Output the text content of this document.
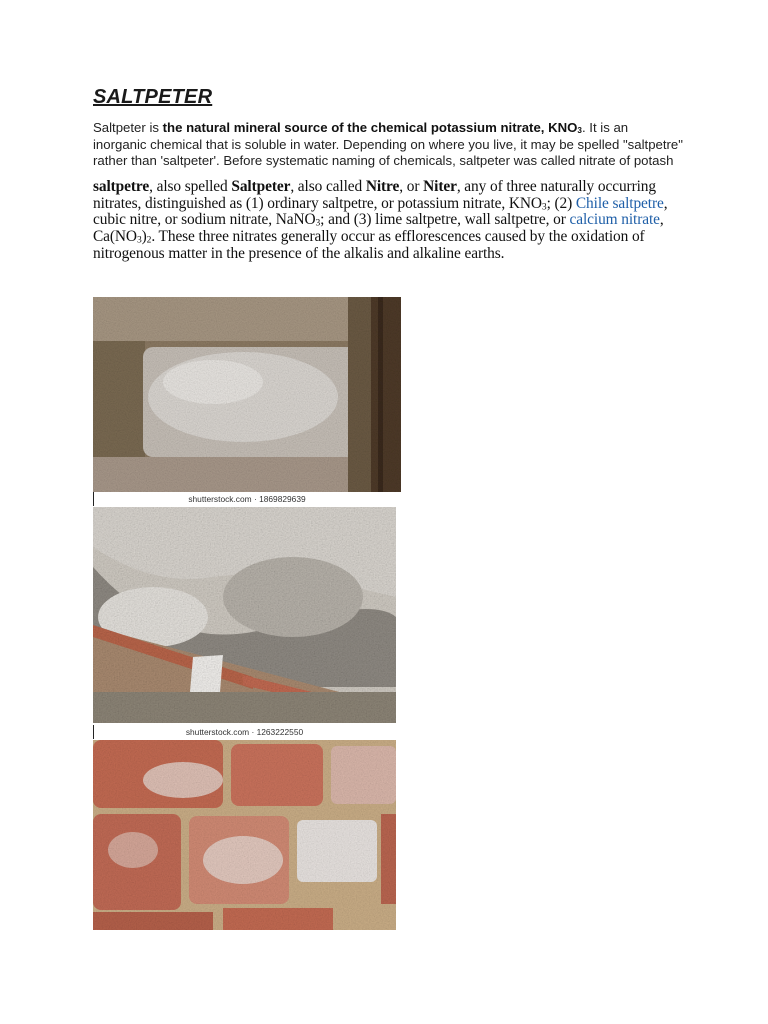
SALTPETER

Saltpeter is the natural mineral source of the chemical potassium nitrate, $KNO_3$. It is an inorganic chemical that is soluble in water. Depending on where you live, it may be spelled "saltpetre" rather than 'saltpeter'. Before systematic naming of chemicals, saltpeter was called nitrate of potash

saltpetre, also spelled Saltpeter, also called Nitre, or Niter, any of three naturally occurring nitrates, distinguished as (1) ordinary saltpetre, or potassium nitrate, $KNO_3$; (2) Chile saltpetre, cubic nitre, or sodium nitrate, NaNO$_3$; and (3) lime saltpetre, wall saltpetre, or calcium nitrate, $Ca(NO_3)_2$. These three nitrates generally occur as efflorescences caused by the oxidation of nitrogenous matter in the presence of the alkalis and alkaline earths.

shutterstock.com · 1869829639
shutterstock.com · 1263222550
